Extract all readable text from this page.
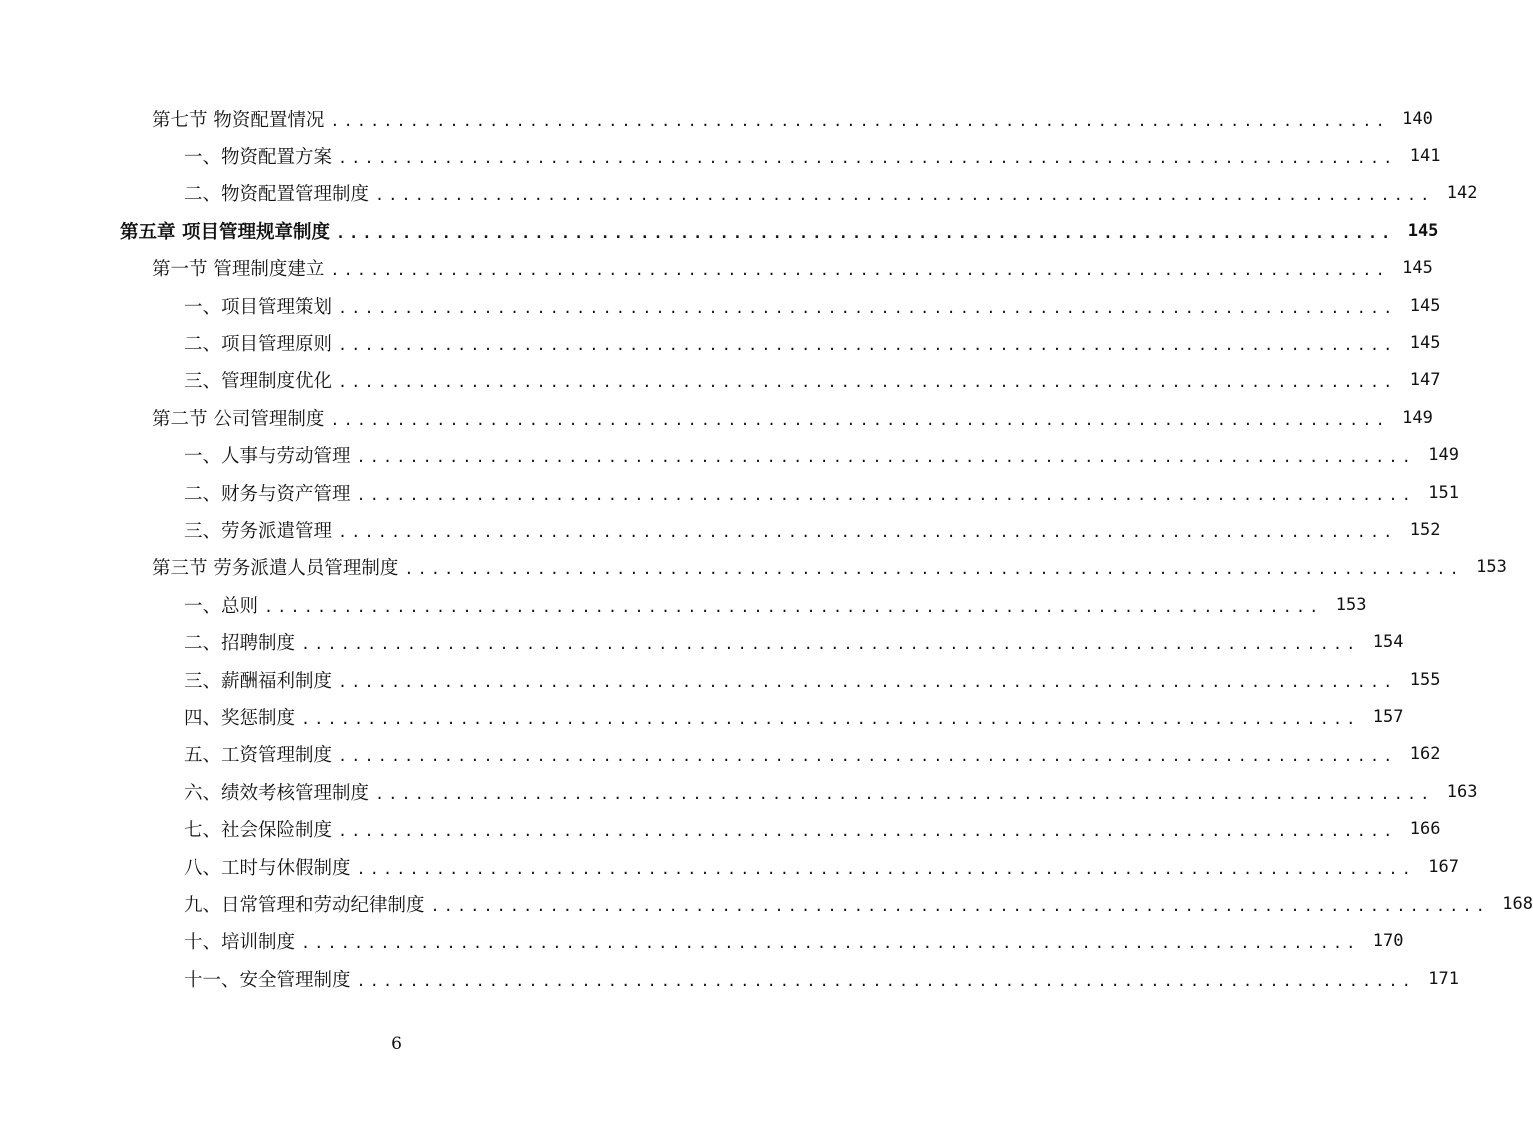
第七节 物资配置情况 ................................................................................ 140
一、物资配置方案 ................................................................................ 141
二、物资配置管理制度 ................................................................................ 142
第五章 项目管理规章制度 ................................................................................ 145
第一节 管理制度建立 ................................................................................ 145
一、项目管理策划 ................................................................................ 145
二、项目管理原则 ................................................................................ 145
三、管理制度优化 ................................................................................ 147
第二节 公司管理制度 ................................................................................ 149
一、人事与劳动管理 ................................................................................ 149
二、财务与资产管理 ................................................................................ 151
三、劳务派遣管理 ................................................................................ 152
第三节 劳务派遣人员管理制度 ................................................................................ 153
一、总则 ................................................................................ 153
二、招聘制度 ................................................................................ 154
三、薪酬福利制度 ................................................................................ 155
四、奖惩制度 ................................................................................ 157
五、工资管理制度 ................................................................................ 162
六、绩效考核管理制度 ................................................................................ 163
七、社会保险制度 ................................................................................ 166
八、工时与休假制度 ................................................................................ 167
九、日常管理和劳动纪律制度 ................................................................................ 168
十、培训制度 ................................................................................ 170
十一、安全管理制度 ................................................................................ 171
6
